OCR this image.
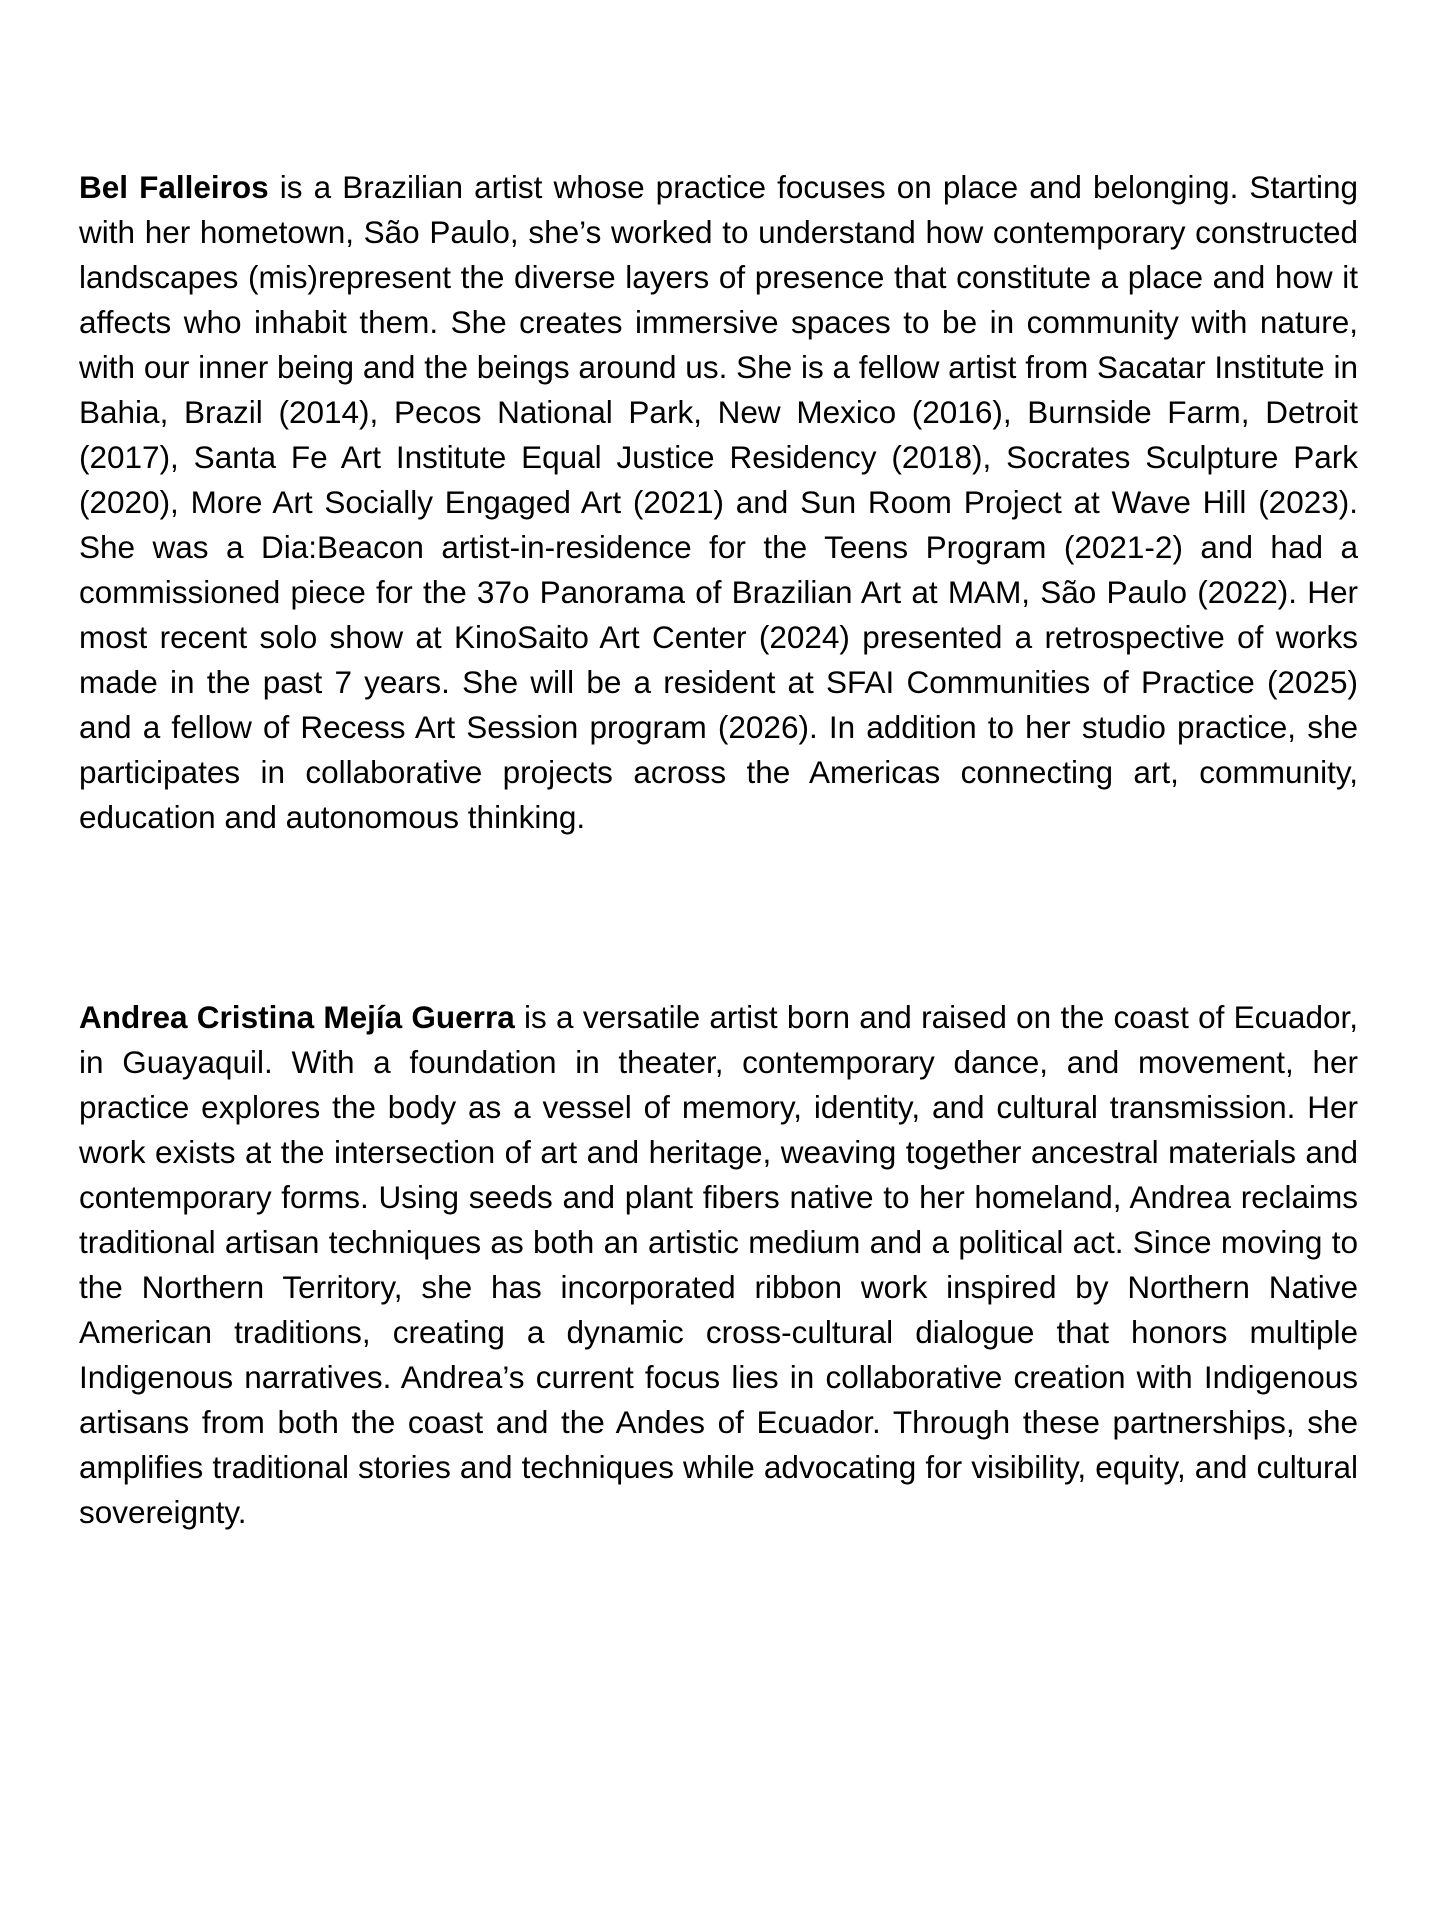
Bel Falleiros is a Brazilian artist whose practice focuses on place and belonging. Starting with her hometown, São Paulo, she’s worked to understand how contemporary constructed landscapes (mis)represent the diverse layers of presence that constitute a place and how it affects who inhabit them. She creates immersive spaces to be in community with nature, with our inner being and the beings around us. She is a fellow artist from Sacatar Institute in Bahia, Brazil (2014), Pecos National Park, New Mexico (2016), Burnside Farm, Detroit (2017), Santa Fe Art Institute Equal Justice Residency (2018), Socrates Sculpture Park (2020), More Art Socially Engaged Art (2021) and Sun Room Project at Wave Hill (2023). She was a Dia:Beacon artist-in-residence for the Teens Program (2021-2) and had a commissioned piece for the 37o Panorama of Brazilian Art at MAM, São Paulo (2022). Her most recent solo show at KinoSaito Art Center (2024) presented a retrospective of works made in the past 7 years. She will be a resident at SFAI Communities of Practice (2025) and a fellow of Recess Art Session program (2026). In addition to her studio practice, she participates in collaborative projects across the Americas connecting art, community, education and autonomous thinking.

Andrea Cristina Mejía Guerra is a versatile artist born and raised on the coast of Ecuador, in Guayaquil. With a foundation in theater, contemporary dance, and movement, her practice explores the body as a vessel of memory, identity, and cultural transmission. Her work exists at the intersection of art and heritage, weaving together ancestral materials and contemporary forms. Using seeds and plant fibers native to her homeland, Andrea reclaims traditional artisan techniques as both an artistic medium and a political act. Since moving to the Northern Territory, she has incorporated ribbon work inspired by Northern Native American traditions, creating a dynamic cross-cultural dialogue that honors multiple Indigenous narratives. Andrea’s current focus lies in collaborative creation with Indigenous artisans from both the coast and the Andes of Ecuador. Through these partnerships, she amplifies traditional stories and techniques while advocating for visibility, equity, and cultural sovereignty.
